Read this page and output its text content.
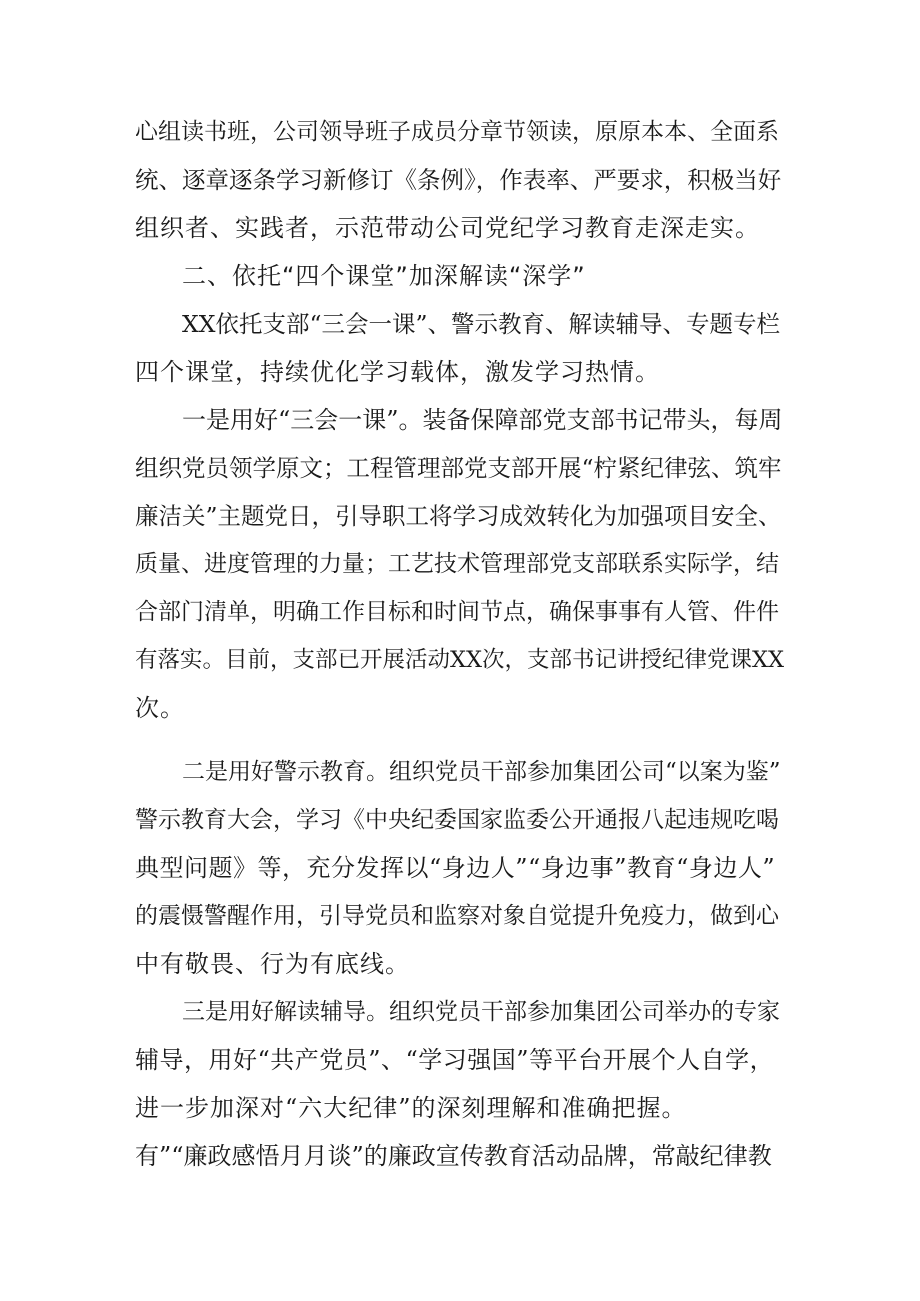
心组读书班，公司领导班子成员分章节领读，原原本本、全面系
统、逐章逐条学习新修订《条例》，作表率、严要求，积极当好
组织者、实践者，示范带动公司党纪学习教育走深走实。
二、依托“四个课堂”加深解读“深学”
XX依托支部“三会一课”、警示教育、解读辅导、专题专栏
四个课堂，持续优化学习载体，激发学习热情。
一是用好“三会一课”。装备保障部党支部书记带头，每周
组织党员领学原文；工程管理部党支部开展“柠紧纪律弦、筑牢
廉洁关”主题党日，引导职工将学习成效转化为加强项目安全、
质量、进度管理的力量；工艺技术管理部党支部联系实际学，结
合部门清单，明确工作目标和时间节点，确保事事有人管、件件
有落实。目前，支部已开展活动XX次，支部书记讲授纪律党课XX
次。
二是用好警示教育。组织党员干部参加集团公司“以案为鉴”
警示教育大会，学习《中央纪委国家监委公开通报八起违规吃喝
典型问题》等，充分发挥以“身边人”“身边事”教育“身边人”
的震慑警醒作用，引导党员和监察对象自觉提升免疫力，做到心
中有敬畏、行为有底线。
三是用好解读辅导。组织党员干部参加集团公司举办的专家
辅导，用好“共产党员”、“学习强国”等平台开展个人自学，
进一步加深对“六大纪律”的深刻理解和准确把握。
有”“廉政感悟月月谈”的廉政宣传教育活动品牌，常敲纪律教
